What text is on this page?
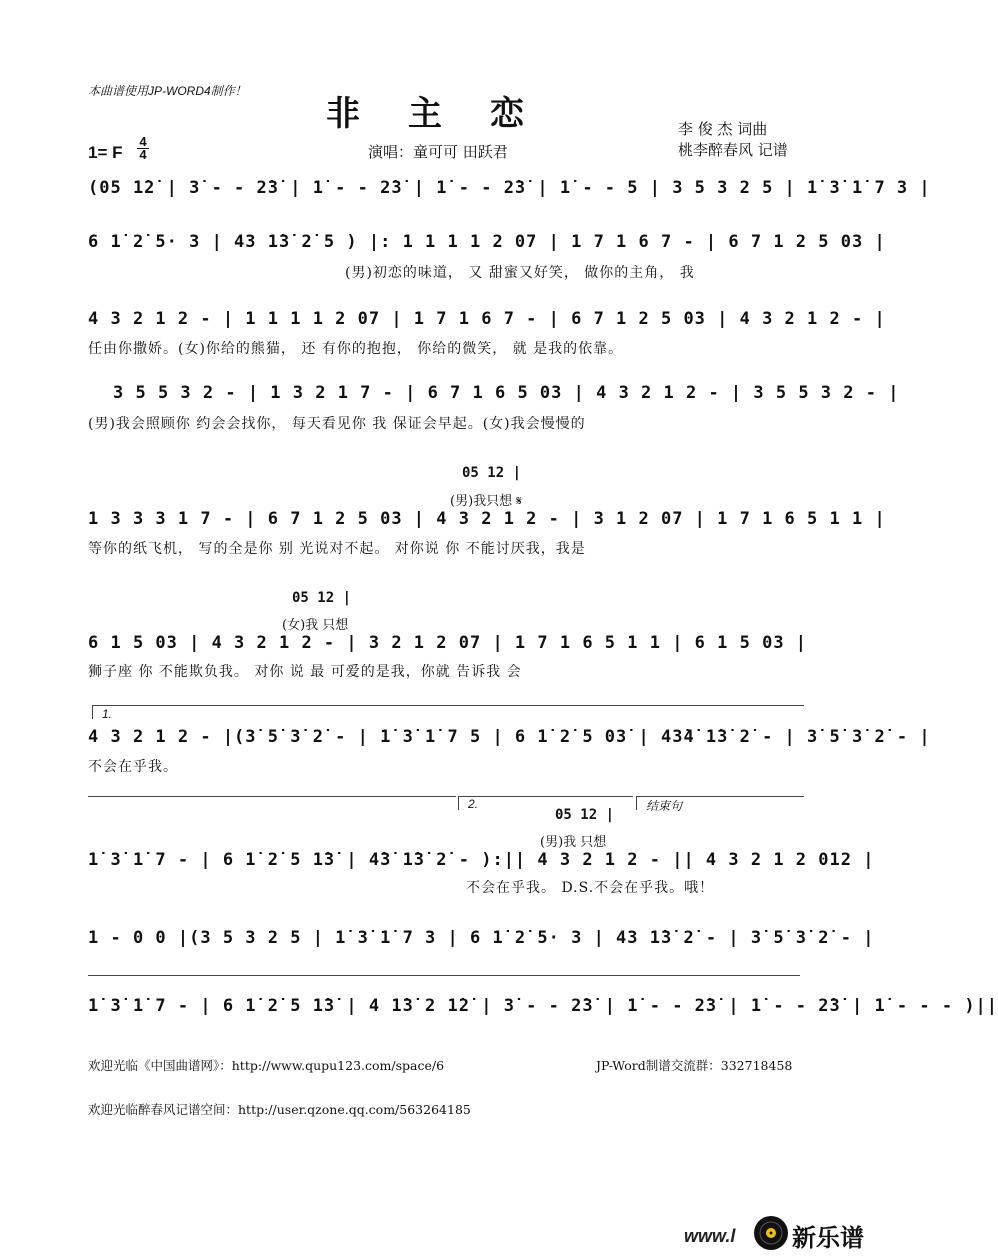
本曲谱使用JP-WORD4制作！
非主恋	李 俊 杰 词曲
桃李醉春风 记谱
1= F
4
4	演唱：童可可 田跃君
(05 1̇2̇ | 3̇ - - 2̇3̇ | 1̇ - - 2̇3̇ | 1̇ - - 2̇3̇ | 1̇ - - 5 | 3 5 3 2 5 | 1̇ 3̇ 1̇ 7 3 |
6 1̇ 2̇ 5· 3 | 43 1̇3̇ 2̇ 5 ) |: 1 1 1 1 2 07 | 1 7 1 6 7 - | 6 7 1 2 5 03 |
(男)初恋的味道， 又 甜蜜又好笑， 做你的主角， 我
4 3 2 1 2 - | 1 1 1 1 2 07 | 1 7 1 6 7 - | 6 7 1 2 5 03 | 4 3 2 1 2 - |
任由你撒娇。(女)你给的熊猫， 还 有你的抱抱， 你给的微笑， 就 是我的依靠。
3 5 5 3 2 - | 1 3 2 1 7 - | 6 7 1 6 5 03 | 4 3 2 1 2 - | 3 5 5 3 2 - |
(男)我会照顾你 约会会找你， 每天看见你 我 保证会早起。(女)我会慢慢的
05 12 |
(男)我只想 𝄋
1 3 3 3 1 7 - | 6 7 1 2 5 03 | 4 3 2 1 2 - | 3 1 2 07 | 1 7 1 6 5 1 1 |
等你的纸飞机， 写的全是你 别 光说对不起。 对你说 你 不能讨厌我，我是
05 12 |
(女)我 只想
6 1 5 03 | 4 3 2 1 2 - | 3 2 1 2 07 | 1 7 1 6 5 1 1 | 6 1 5 03 |
狮子座 你 不能欺负我。 对你 说 最 可爱的是我，你就 告诉我 会
1.
4 3 2 1 2 - |(3̇ 5̇ 3̇ 2̇ - | 1̇ 3̇ 1̇ 7 5 | 6 1̇ 2̇ 5 03̇ | 43̇4̇ 1̇3̇ 2̇ - | 3̇ 5̇ 3̇ 2̇ - |
不会在乎我。
2.	结束句
05 12 |
(男)我 只想
1̇ 3̇ 1̇ 7 - | 6 1̇ 2̇ 5 1̇3̇ | 4̇3̇ 1̇3̇ 2̇ - ):|| 4 3 2 1 2 - || 4 3 2 1 2 012 |
不会在乎我。 D.S.不会在乎我。哦！
1 - 0 0 |(3 5 3 2 5 | 1̇ 3̇ 1̇ 7 3 | 6 1̇ 2̇ 5· 3 | 43 1̇3̇ 2̇ - | 3̇ 5̇ 3̇ 2̇ - |
1̇ 3̇ 1̇ 7 - | 6 1̇ 2̇ 5 1̇3̇ | 4 1̇3̇ 2 1̇2̇ | 3̇ - - 2̇3̇ | 1̇ - - 2̇3̇ | 1̇ - - 2̇3̇ | 1̇ - - - )||
欢迎光临《中国曲谱网》：http://www.qupu123.com/space/6	JP-Word制谱交流群：332718458
欢迎光临醉春风记谱空间：http://user.qzone.qq.com/563264185
www.l 新乐谱
